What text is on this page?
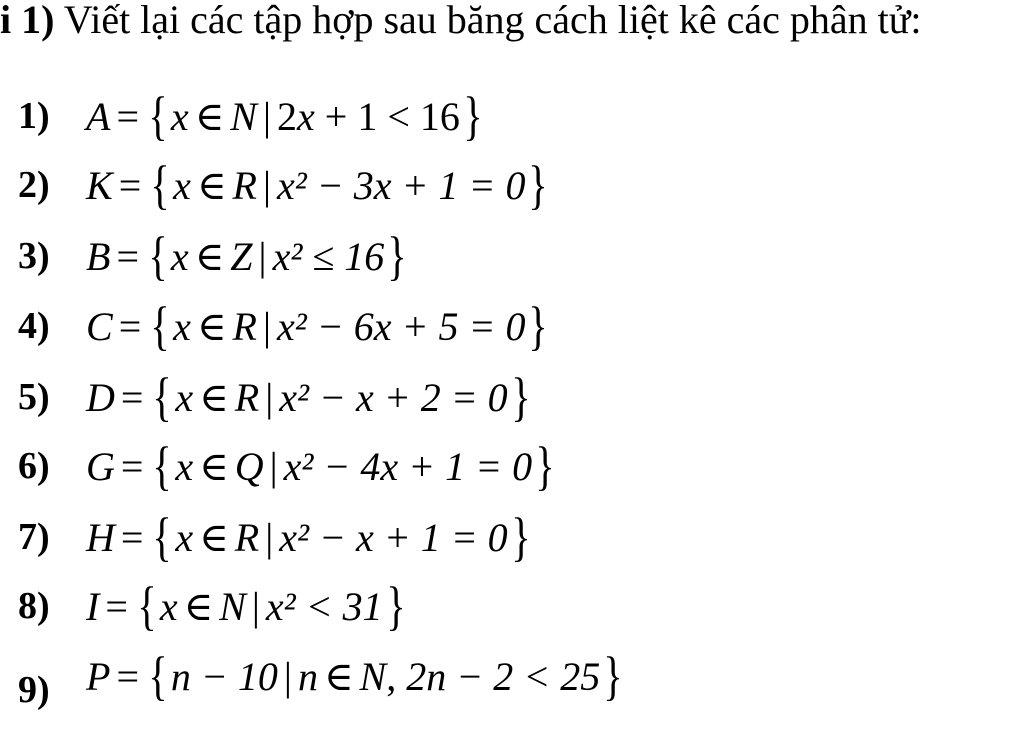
i 1) Viết lại các tập hợp sau băng cách liệt kê các phân tử:
1) A = {x ∈ N | 2x + 1 < 16}
2) K = {x ∈ R | x² − 3x + 1 = 0}
3) B = {x ∈ Z | x² ≤ 16}
4) C = {x ∈ R | x² − 6x + 5 = 0}
5) D = {x ∈ R | x² − x + 2 = 0}
6) G = {x ∈ Q | x² − 4x + 1 = 0}
7) H = {x ∈ R | x² − x + 1 = 0}
8) I = {x ∈ N | x² < 31}
9) P = {n − 10 | n ∈ N, 2n − 2 < 25}
